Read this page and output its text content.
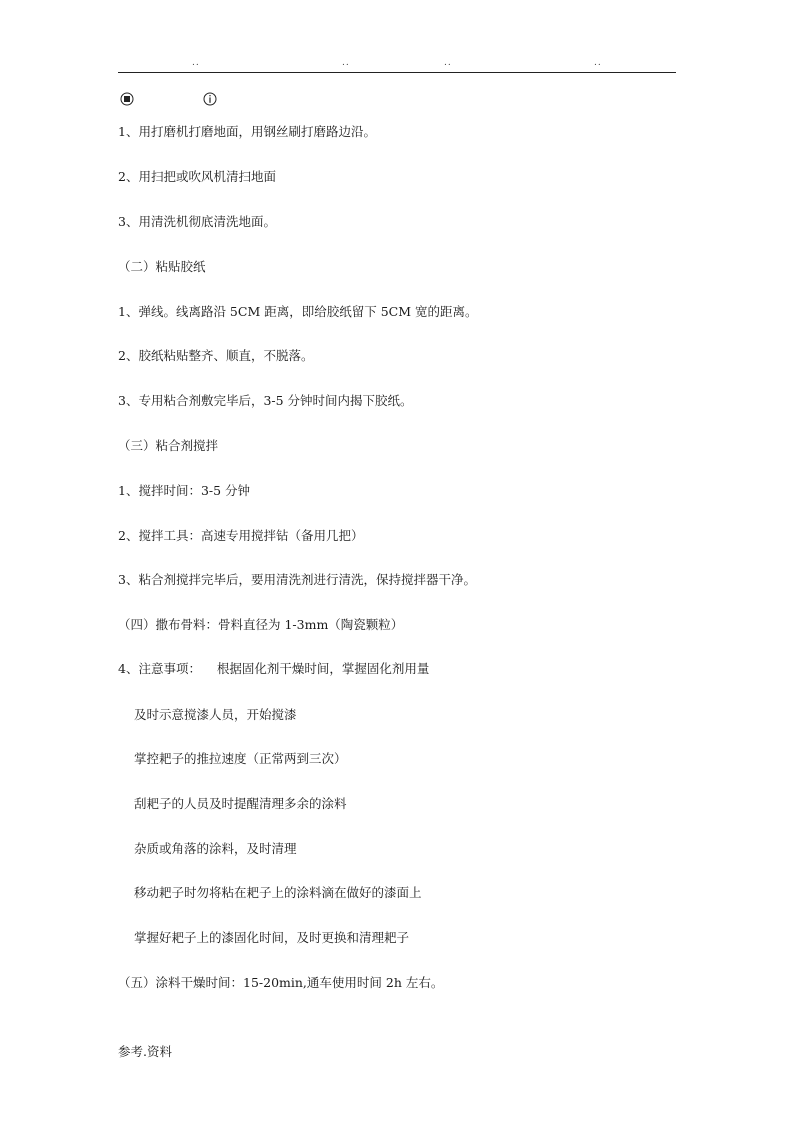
..	..	..	..
1、用打磨机打磨地面，用钢丝刷打磨路边沿。
2、用扫把或吹风机清扫地面
3、用清洗机彻底清洗地面。
（二）粘贴胶纸
1、弹线。线离路沿 5CM 距离，即给胶纸留下 5CM 宽的距离。
2、胶纸粘贴整齐、顺直，不脱落。
3、专用粘合剂敷完毕后，3-5 分钟时间内揭下胶纸。
（三）粘合剂搅拌
1、搅拌时间：3-5 分钟
2、搅拌工具：高速专用搅拌钻（备用几把）
3、粘合剂搅拌完毕后，要用清洗剂进行清洗，保持搅拌器干净。
（四）撒布骨料：骨料直径为 1-3mm（陶瓷颗粒）
4、注意事项：    根据固化剂干燥时间，掌握固化剂用量
及时示意搅漆人员，开始搅漆
掌控耙子的推拉速度（正常两到三次）
刮耙子的人员及时提醒清理多余的涂料
杂质或角落的涂料，及时清理
移动耙子时勿将粘在耙子上的涂料滴在做好的漆面上
掌握好耙子上的漆固化时间，及时更换和清理耙子
（五）涂料干燥时间：15-20min,通车使用时间 2h 左右。
参考.资料
